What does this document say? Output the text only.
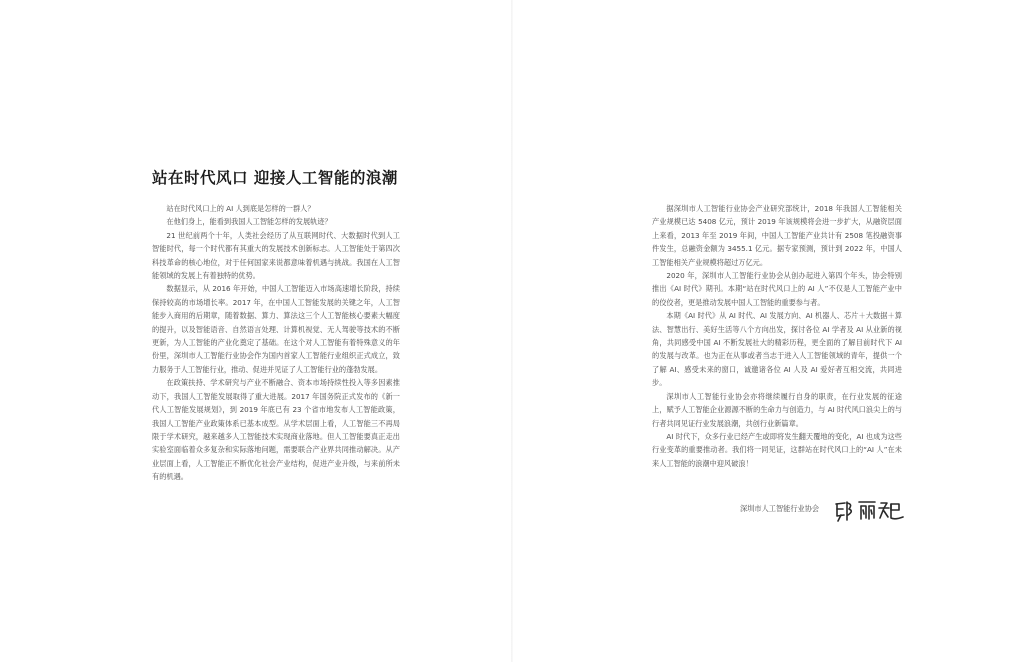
站在时代风口 迎接人工智能的浪潮

站在时代风口上的 AI 人到底是怎样的一群人？

在他们身上，能看到我国人工智能怎样的发展轨迹？

21 世纪前两个十年，人类社会经历了从互联网时代、大数据时代到人工智能时代，每一个时代都有其重大的发展技术创新标志。人工智能处于第四次科技革命的核心地位，对于任何国家来说都意味着机遇与挑战。我国在人工智能领域的发展上有着独特的优势。

数据显示，从 2016 年开始，中国人工智能迈入市场高速增长阶段，持续保持较高的市场增长率。2017 年，在中国人工智能发展的关键之年，人工智能步入商用的后期章，随着数据、算力、算法这三个人工智能核心要素大幅度的提升，以及智能语音、自然语言处理、计算机视觉、无人驾驶等技术的不断更新，为人工智能的产业化奠定了基础。在这个对人工智能有着特殊意义的年份里，深圳市人工智能行业协会作为国内首家人工智能行业组织正式成立，致力服务于人工智能行业，推动、促进并见证了人工智能行业的蓬勃发展。

在政策扶持、学术研究与产业不断融合、资本市场持续性投入等多因素推动下，我国人工智能发展取得了重大进展。2017 年国务院正式发布的《新一代人工智能发展规划》，到 2019 年底已有 23 个省市地发布人工智能政策，我国人工智能产业政策体系已基本成型。从学术层面上看，人工智能三不再局限于学术研究，越来越多人工智能技术实现商业落地。但人工智能要真正走出实验室面临着众多复杂和实际落地问题，需要联合产业界共同推动解决。从产业层面上看，人工智能正不断优化社会产业结构，促进产业升级，与来前所未有的机遇。

据深圳市人工智能行业协会产业研究部统计，2018 年我国人工智能相关产业规模已达 5408 亿元，预计 2019 年该规模将会进一步扩大，从融资层面上来看，2013 年至 2019 年间，中国人工智能产业共计有 2508 笔投融资事件发生，总融资金额为 3455.1 亿元。据专家预测，预计到 2022 年，中国人工智能相关产业规模将超过万亿元。

2020 年，深圳市人工智能行业协会从创办起进入第四个年头，协会特别推出《AI 时代》期刊。本期“站在时代风口上的 AI 人”不仅是人工智能产业中的佼佼者，更是推动发展中国人工智能的重要参与者。

本期《AI 时代》从 AI 时代、AI 发展方向、AI 机器人、芯片＋大数据＋算法、智慧出行、美好生活等八个方向出发，探讨各位 AI 学者及 AI 从业新的视角，共同感受中国 AI 不断发展社大的精彩历程，更全面的了解目前时代下 AI 的发展与改革。也为正在从事或者当志于进入人工智能领域的青年，提供一个了解 AI、感受未来的窗口，诚邀诸各位 AI 人及 AI 爱好者互相交流，共同进步。

深圳市人工智能行业协会亦将继续履行自身的职责，在行业发展的征途上，赋予人工智能企业源源不断的生命力与创造力，与 AI 时代风口浪尖上的与行者共同见证行业发展浪潮，共创行业新篇章。

AI 时代下，众多行业已经产生或即将发生翻天覆地的变化，AI 也成为这些行业变革的重要推动者。我们将一同见证，这群站在时代风口上的“AI 人”在未来人工智能的浪潮中迎风破浪！

深圳市人工智能行业协会
